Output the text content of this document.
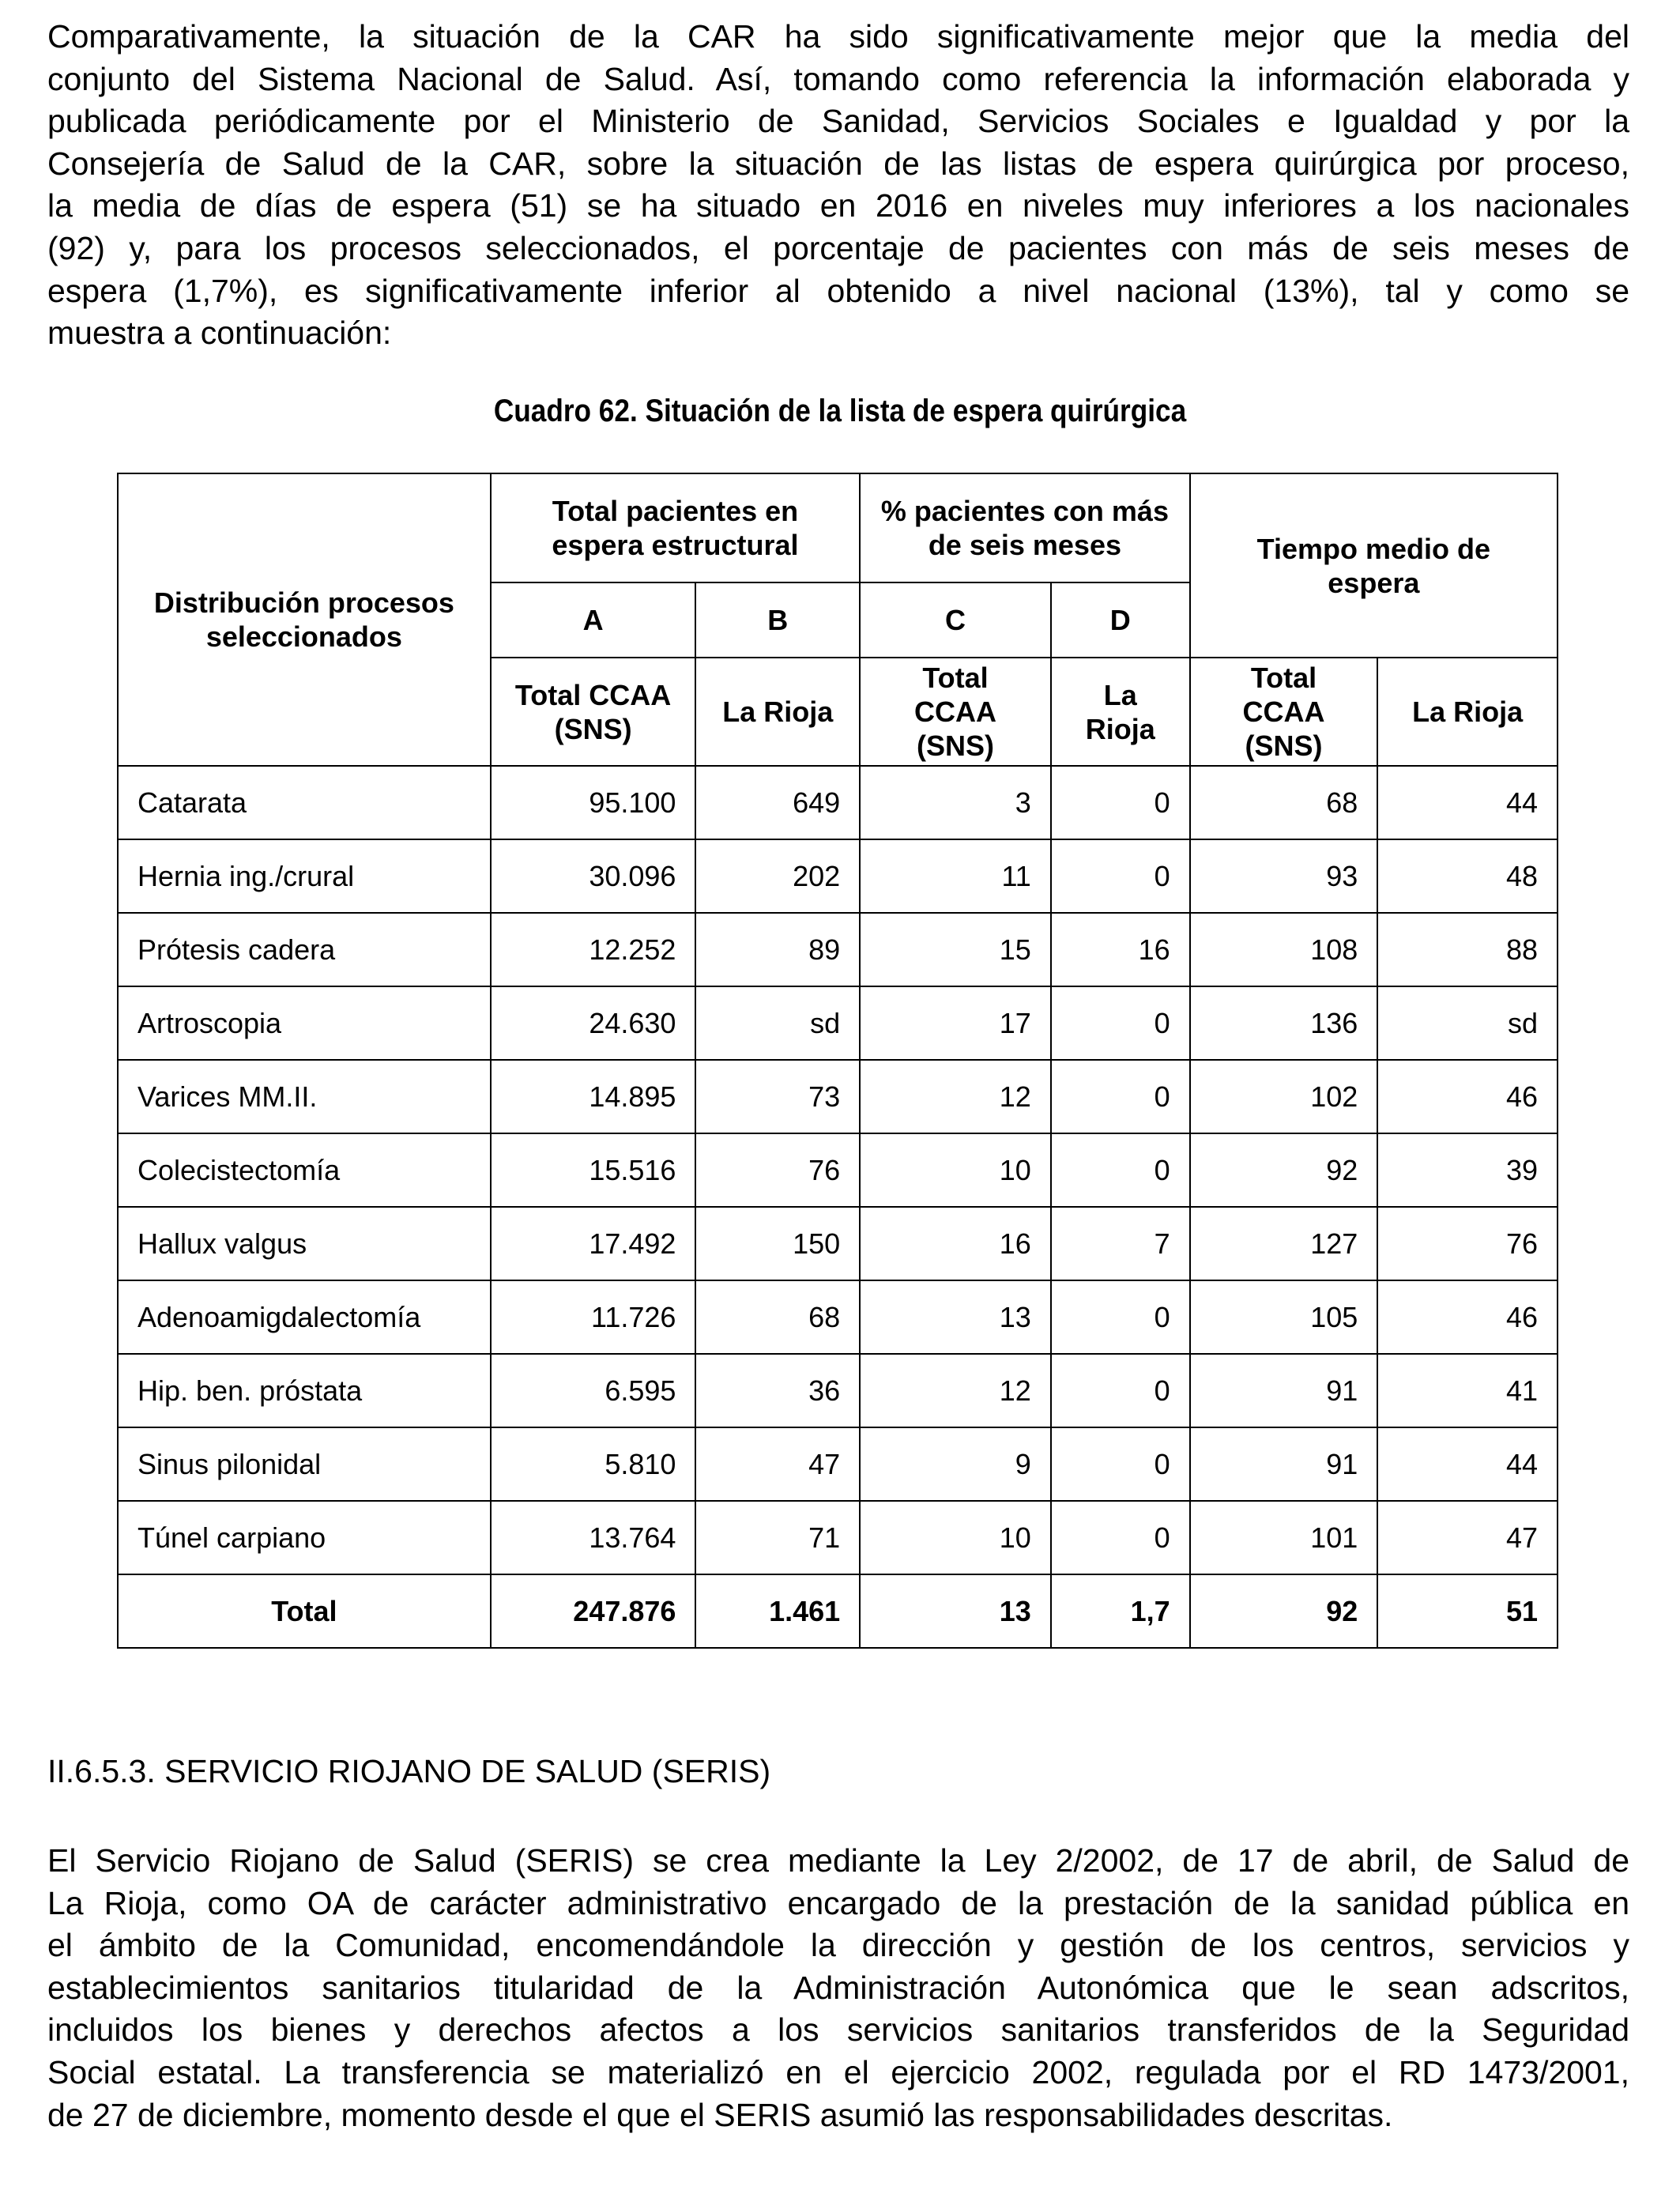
Comparativamente, la situación de la CAR ha sido significativamente mejor que la media del
conjunto del Sistema Nacional de Salud. Así, tomando como referencia la información elaborada y
publicada periódicamente por el Ministerio de Sanidad, Servicios Sociales e Igualdad y por la
Consejería de Salud de la CAR, sobre la situación de las listas de espera quirúrgica por proceso,
la media de días de espera (51) se ha situado en 2016 en niveles muy inferiores a los nacionales
(92) y, para los procesos seleccionados, el porcentaje de pacientes con más de seis meses de
espera (1,7%), es significativamente inferior al obtenido a nivel nacional (13%), tal y como se
muestra a continuación:

Cuadro 62. Situación de la lista de espera quirúrgica
Distribución procesos seleccionados	Total pacientes en espera estructural		% pacientes con más de seis meses		Tiempo medio de espera	
	A	B	C	D		
	Total CCAA (SNS)	La Rioja	Total CCAA (SNS)	La Rioja	Total CCAA (SNS)	La Rioja
Catarata	95.100	649	3	0	68	44
Hernia ing./crural	30.096	202	11	0	93	48
Prótesis cadera	12.252	89	15	16	108	88
Artroscopia	24.630	sd	17	0	136	sd
Varices MM.II.	14.895	73	12	0	102	46
Colecistectomía	15.516	76	10	0	92	39
Hallux valgus	17.492	150	16	7	127	76
Adenoamigdalectomía	11.726	68	13	0	105	46
Hip. ben. próstata	6.595	36	12	0	91	41
Sinus pilonidal	5.810	47	9	0	91	44
Túnel carpiano	13.764	71	10	0	101	47
Total	247.876	1.461	13	1,7	92	51
II.6.5.3. SERVICIO RIOJANO DE SALUD (SERIS)

El Servicio Riojano de Salud (SERIS) se crea mediante la Ley 2/2002, de 17 de abril, de Salud de
La Rioja, como OA de carácter administrativo encargado de la prestación de la sanidad pública en
el ámbito de la Comunidad, encomendándole la dirección y gestión de los centros, servicios y
establecimientos sanitarios titularidad de la Administración Autonómica que le sean adscritos,
incluidos los bienes y derechos afectos a los servicios sanitarios transferidos de la Seguridad
Social estatal. La transferencia se materializó en el ejercicio 2002, regulada por el RD 1473/2001,
de 27 de diciembre, momento desde el que el SERIS asumió las responsabilidades descritas.
